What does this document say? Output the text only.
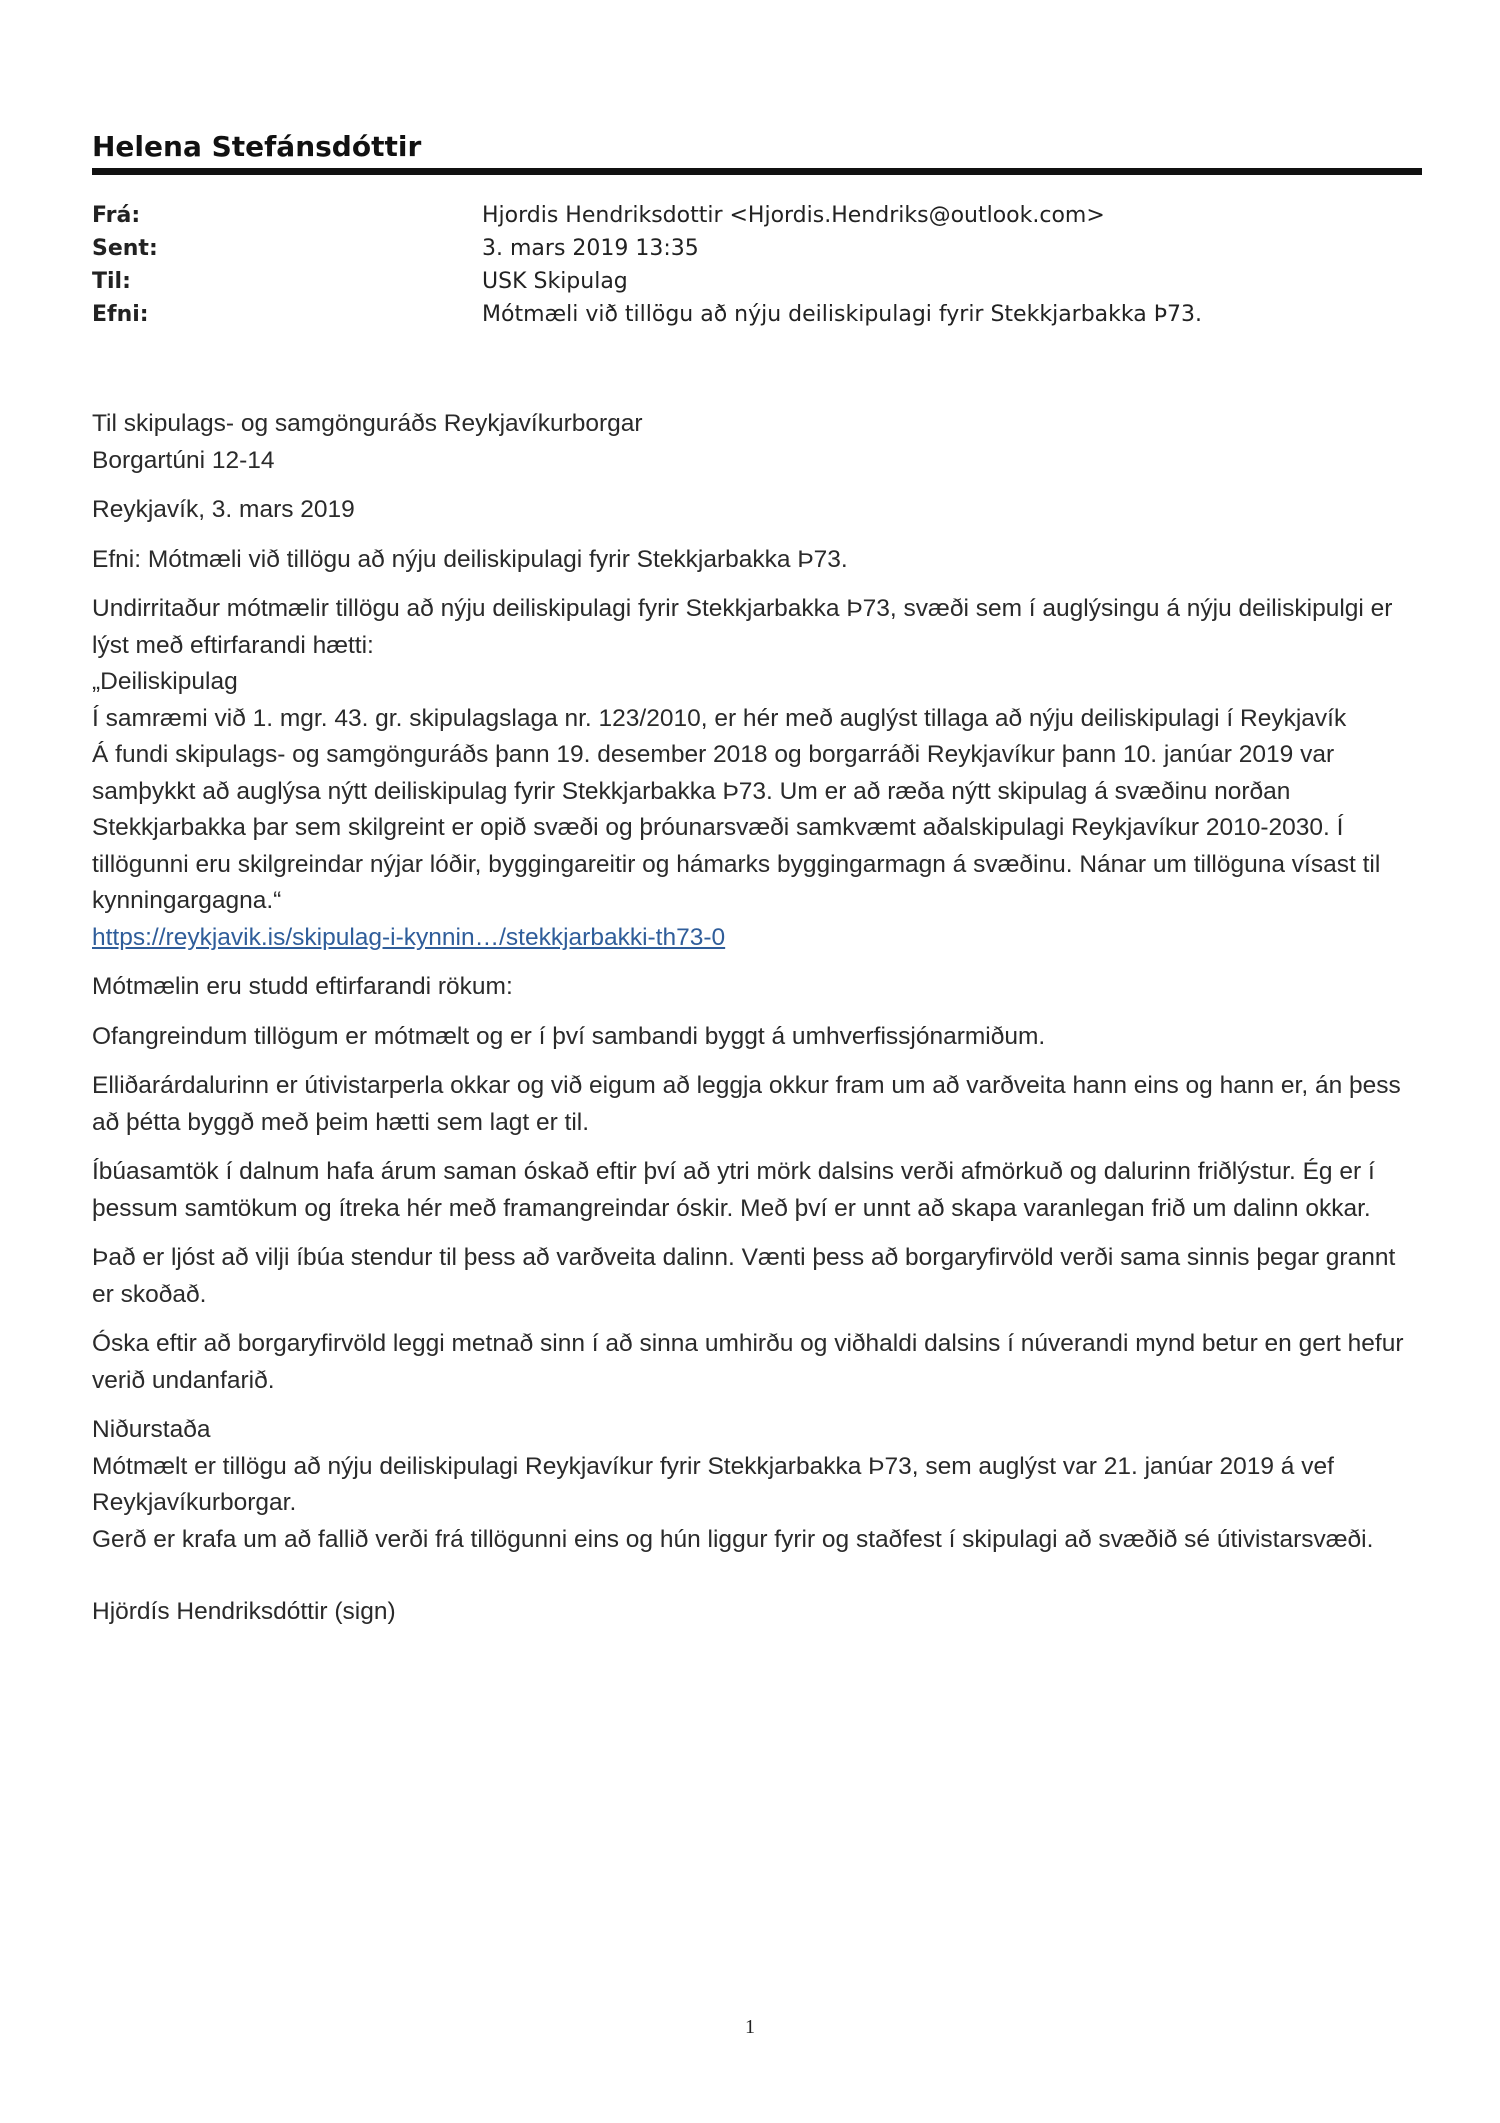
Helena Stefánsdóttir
Frá:	Hjordis Hendriksdottir <Hjordis.Hendriks@outlook.com>
Sent:	3. mars 2019 13:35
Til:	USK Skipulag
Efni:	Mótmæli við tillögu að nýju deiliskipulagi fyrir Stekkjarbakka Þ73.

Til skipulags- og samgönguráðs Reykjavíkurborgar
Borgartúni 12-14

Reykjavík, 3. mars 2019

Efni: Mótmæli við tillögu að nýju deiliskipulagi fyrir Stekkjarbakka Þ73.

Undirritaður mótmælir tillögu að nýju deiliskipulagi fyrir Stekkjarbakka Þ73, svæði sem í auglýsingu á nýju deiliskipulgi er lýst með eftirfarandi hætti:
„Deiliskipulag
Í samræmi við 1. mgr. 43. gr. skipulagslaga nr. 123/2010, er hér með auglýst tillaga að nýju deiliskipulagi í Reykjavík
Á fundi skipulags- og samgönguráðs þann 19. desember 2018 og borgarráði Reykjavíkur þann 10. janúar 2019 var samþykkt að auglýsa nýtt deiliskipulag fyrir Stekkjarbakka Þ73. Um er að ræða nýtt skipulag á svæðinu norðan Stekkjarbakka þar sem skilgreint er opið svæði og þróunarsvæði samkvæmt aðalskipulagi Reykjavíkur 2010-2030. Í tillögunni eru skilgreindar nýjar lóðir, byggingareitir og hámarks byggingarmagn á svæðinu. Nánar um tillöguna vísast til kynningargagna.“
https://reykjavik.is/skipulag-i-kynnin…/stekkjarbakki-th73-0

Mótmælin eru studd eftirfarandi rökum:

Ofangreindum tillögum er mótmælt og er í því sambandi byggt á umhverfissjónarmiðum.

Elliðarárdalurinn er útivistarperla okkar og við eigum að leggja okkur fram um að varðveita hann eins og hann er, án þess að þétta byggð með þeim hætti sem lagt er til.

Íbúasamtök í dalnum hafa árum saman óskað eftir því að ytri mörk dalsins verði afmörkuð og dalurinn friðlýstur. Ég er í þessum samtökum og ítreka hér með framangreindar óskir. Með því er unnt að skapa varanlegan frið um dalinn okkar.

Það er ljóst að vilji íbúa stendur til þess að varðveita dalinn. Vænti þess að borgaryfirvöld verði sama sinnis þegar grannt er skoðað.

Óska eftir að borgaryfirvöld leggi metnað sinn í að sinna umhirðu og viðhaldi dalsins í núverandi mynd betur en gert hefur verið undanfarið.

Niðurstaða
Mótmælt er tillögu að nýju deiliskipulagi Reykjavíkur fyrir Stekkjarbakka Þ73, sem auglýst var 21. janúar 2019 á vef Reykjavíkurborgar.
Gerð er krafa um að fallið verði frá tillögunni eins og hún liggur fyrir og staðfest í skipulagi að svæðið sé útivistarsvæði.

Hjördís Hendriksdóttir (sign)

1
